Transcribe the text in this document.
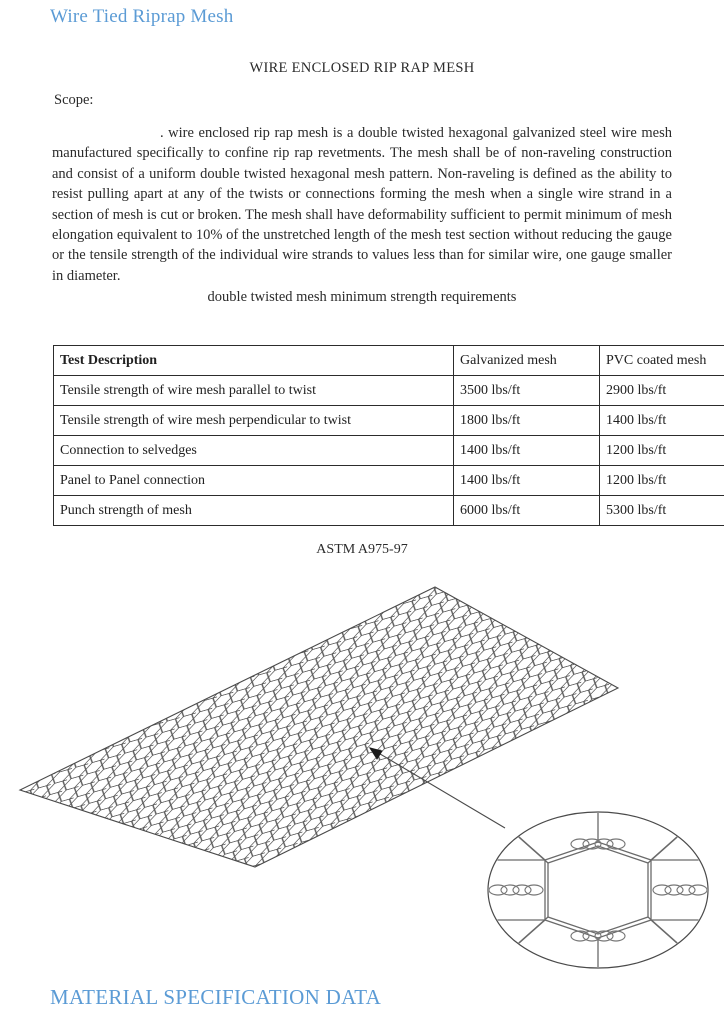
Wire Tied Riprap Mesh
WIRE ENCLOSED RIP RAP MESH
Scope:
. wire enclosed rip rap mesh is a double twisted hexagonal galvanized steel wire mesh manufactured specifically to confine rip rap revetments. The mesh shall be of non-raveling construction and consist of a uniform double twisted hexagonal mesh pattern. Non-raveling is defined as the ability to resist pulling apart at any of the twists or connections forming the mesh when a single wire strand in a section of mesh is cut or broken. The mesh shall have deformability sufficient to permit minimum of mesh elongation equivalent to 10% of the unstretched length of the mesh test section without reducing the gauge or the tensile strength of the individual wire strands to values less than for similar wire, one gauge smaller in diameter.
double twisted mesh minimum strength requirements
Test Description	Galvanized mesh	PVC coated mesh
Tensile strength of wire mesh parallel to twist	3500 lbs/ft	2900 lbs/ft
Tensile strength of wire mesh perpendicular to twist	1800 lbs/ft	1400 lbs/ft
Connection to selvedges	1400 lbs/ft	1200 lbs/ft
Panel to Panel connection	1400 lbs/ft	1200 lbs/ft
Punch strength of mesh	6000 lbs/ft	5300 lbs/ft
ASTM A975-97
MATERIAL SPECIFICATION DATA
